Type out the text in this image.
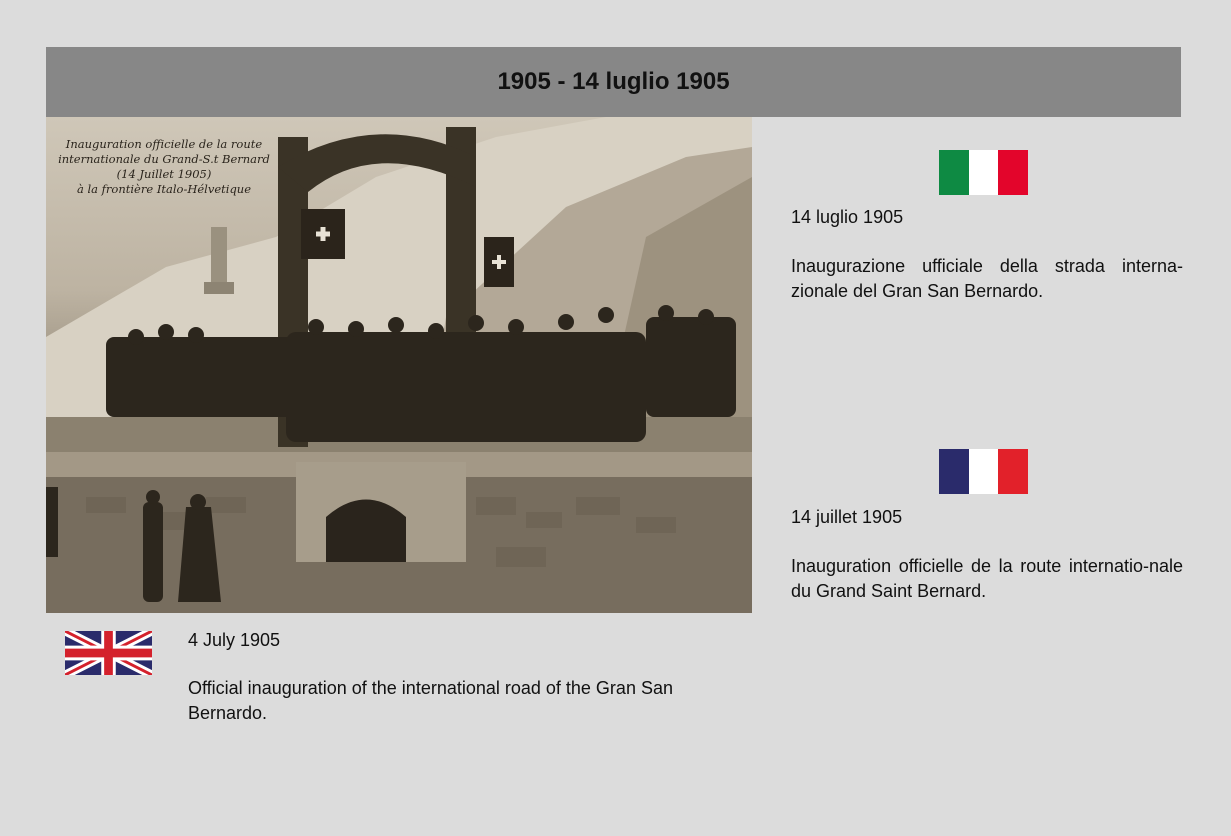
1905 - 14 luglio 1905
Inauguration officielle de la route
internationale du Grand-S.t Bernard
(14 Juillet 1905)
à la frontière Italo-Hélvetique
14 luglio 1905
Inaugurazione ufficiale della strada interna-zionale del Gran San Bernardo.
14 juillet 1905
Inauguration officielle de la route internatio-nale du Grand Saint Bernard.
4 July 1905
Official inauguration of the international road of the Gran San Bernardo.
